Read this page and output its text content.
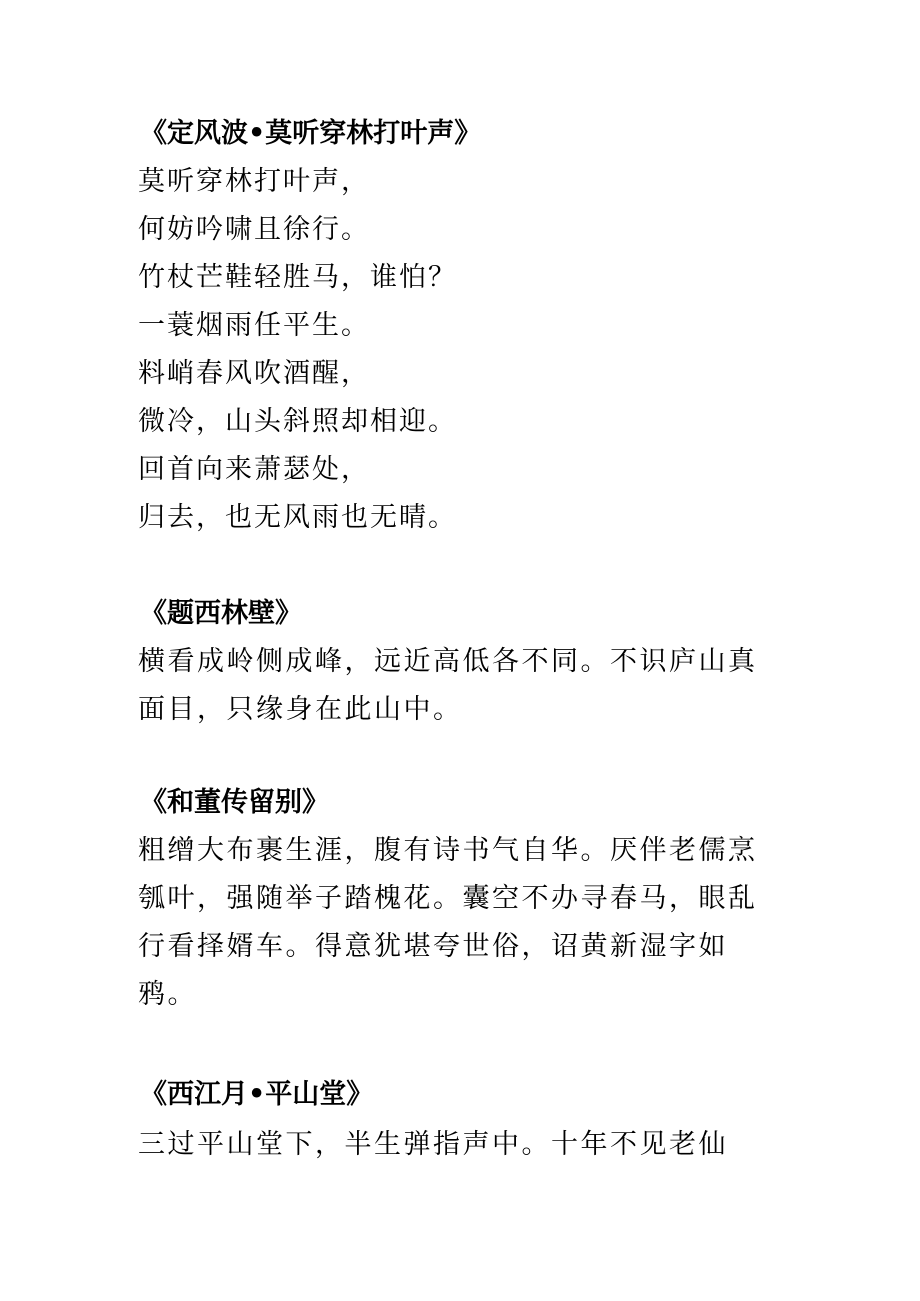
《定风波•莫听穿林打叶声》
莫听穿林打叶声，
何妨吟啸且徐行。
竹杖芒鞋轻胜马，谁怕？
一蓑烟雨任平生。
料峭春风吹酒醒，
微冷，山头斜照却相迎。
回首向来萧瑟处，
归去，也无风雨也无晴。
《题西林壁》
横看成岭侧成峰，远近高低各不同。不识庐山真面目，只缘身在此山中。
《和董传留别》
粗缯大布裹生涯，腹有诗书气自华。厌伴老儒烹瓠叶，强随举子踏槐花。囊空不办寻春马，眼乱行看择婿车。得意犹堪夸世俗，诏黄新湿字如鸦。
《西江月•平山堂》
三过平山堂下，半生弹指声中。十年不见老仙
